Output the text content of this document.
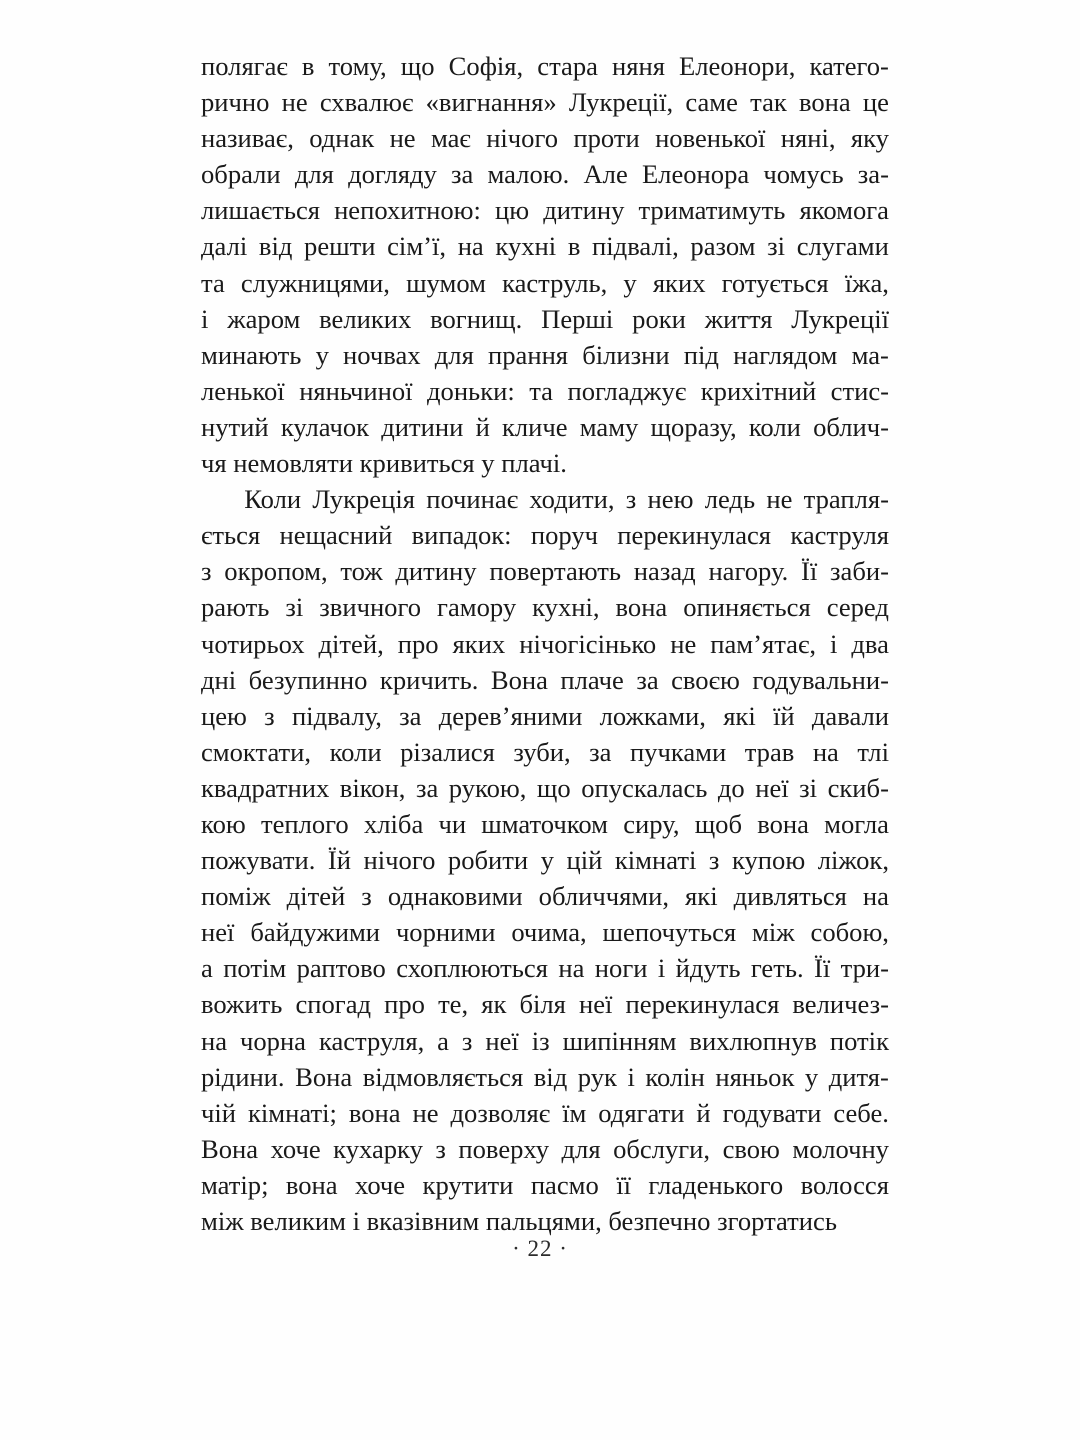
полягає в тому, що Софія, стара няня Елеонори, катего-
рично не схвалює «вигнання» Лукреції, саме так вона це
називає, однак не має нічого проти новенької няні, яку
обрали для догляду за малою. Але Елеонора чомусь за-
лишається непохитною: цю дитину триматимуть якомога
далі від решти сім’ї, на кухні в підвалі, разом зі слугами
та служницями, шумом каструль, у яких готується їжа,
і жаром великих вогнищ. Перші роки життя Лукреції
минають у ночвах для прання білизни під наглядом ма-
ленької няньчиної доньки: та погладжує крихітний стис-
нутий кулачок дитини й кличе маму щоразу, коли облич-
чя немовляти кривиться у плачі.

Коли Лукреція починає ходити, з нею ледь не трапля-
ється нещасний випадок: поруч перекинулася каструля
з окропом, тож дитину повертають назад нагору. Її заби-
рають зі звичного гамору кухні, вона опиняється серед
чотирьох дітей, про яких нічогісінько не пам’ятає, і два
дні безупинно кричить. Вона плаче за своєю годувальни-
цею з підвалу, за дерев’яними ложками, які їй давали
смоктати, коли різалися зуби, за пучками трав на тлі
квадратних вікон, за рукою, що опускалась до неї зі скиб-
кою теплого хліба чи шматочком сиру, щоб вона могла
пожувати. Їй нічого робити у цій кімнаті з купою ліжок,
поміж дітей з однаковими обличчями, які дивляться на
неї байдужими чорними очима, шепочуться між собою,
а потім раптово схоплюються на ноги і йдуть геть. Її три-
вожить спогад про те, як біля неї перекинулася величез-
на чорна каструля, а з неї із шипінням вихлюпнув потік
рідини. Вона відмовляється від рук і колін няньок у дитя-
чій кімнаті; вона не дозволяє їм одягати й годувати себе.
Вона хоче кухарку з поверху для обслуги, свою молочну
матір; вона хоче крутити пасмо її гладенького волосся
між великим і вказівним пальцями, безпечно згортатись

· 22 ·
